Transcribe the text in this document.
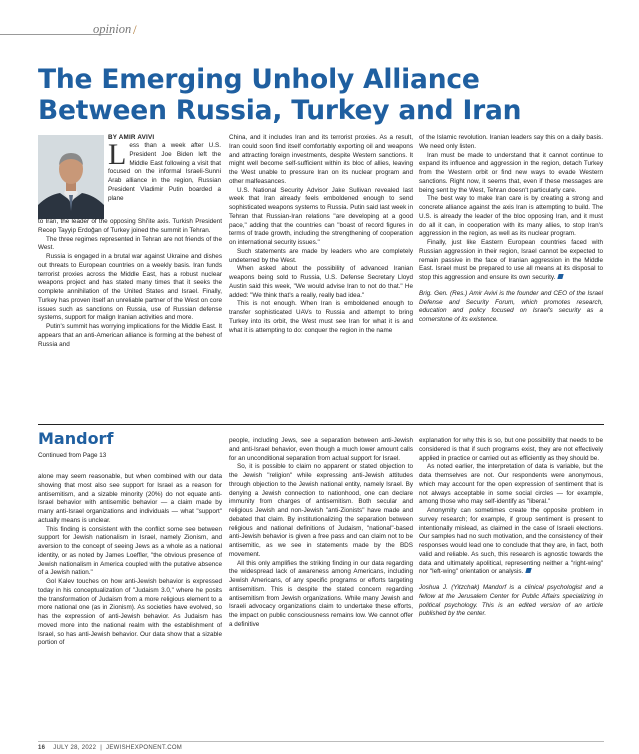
opinion /
The Emerging Unholy Alliance Between Russia, Turkey and Iran
BY AMIR AVIVI

Less than a week after U.S. President Joe Biden left the Middle East following a visit that focused on the informal Israeli-Sunni Arab alliance in the region, Russian President Vladimir Putin boarded a plane

to Iran, the leader of the opposing Shi'ite axis. Turkish President Recep Tayyip Erdoğan of Turkey joined the summit in Tehran.

The three regimes represented in Tehran are not friends of the West.

Russia is engaged in a brutal war against Ukraine and dishes out threats to European countries on a weekly basis. Iran funds terrorist proxies across the Middle East, has a robust nuclear weapons project and has stated many times that it seeks the complete annihilation of the United States and Israel. Finally, Turkey has proven itself an unreliable partner of the West on core issues such as sanctions on Russia, use of Russian defense systems, support for malign Iranian activities and more.

Putin's summit has worrying implications for the Middle East. It appears that an anti-American alliance is forming at the behest of Russia and

China, and it includes Iran and its terrorist proxies. As a result, Iran could soon find itself comfortably exporting oil and weapons and attracting foreign investments, despite Western sanctions. It might well become self-sufficient within its bloc of allies, leaving the West unable to pressure Iran on its nuclear program and other malfeasances.

U.S. National Security Advisor Jake Sullivan revealed last week that Iran already feels emboldened enough to send sophisticated weapons systems to Russia. Putin said last week in Tehran that Russian-Iran relations "are developing at a good pace," adding that the countries can "boast of record figures in terms of trade growth, including the strengthening of cooperation on international security issues."

Such statements are made by leaders who are completely undeterred by the West.

When asked about the possibility of advanced Iranian weapons being sold to Russia, U.S. Defense Secretary Lloyd Austin said this week, "We would advise Iran to not do that." He added: "We think that's a really, really bad idea."

This is not enough. When Iran is emboldened enough to transfer sophisticated UAVs to Russia and attempt to bring Turkey into its orbit, the West must see Iran for what it is and what it is attempting to do: conquer the region in the name

of the Islamic revolution. Iranian leaders say this on a daily basis. We need only listen.

Iran must be made to understand that it cannot continue to expand its influence and aggression in the region, detach Turkey from the Western orbit or find new ways to evade Western sanctions. Right now, it seems that, even if these messages are being sent by the West, Tehran doesn't particularly care.

The best way to make Iran care is by creating a strong and concrete alliance against the axis Iran is attempting to build. The U.S. is already the leader of the bloc opposing Iran, and it must do all it can, in cooperation with its many allies, to stop Iran's aggression in the region, as well as its nuclear program.

Finally, just like Eastern European countries faced with Russian aggression in their region, Israel cannot be expected to remain passive in the face of Iranian aggression in the Middle East. Israel must be prepared to use all means at its disposal to stop this aggression and ensure its own security.

Brig. Gen. (Res.) Amir Avivi is the founder and CEO of the Israel Defense and Security Forum, which promotes research, education and policy focused on Israel's security as a cornerstone of its existence.

Mandorf
Continued from Page 13

alone may seem reasonable, but when combined with our data showing that most also see support for Israel as a reason for antisemitism, and a sizable minority (20%) do not equate anti-Israel behavior with antisemitic behavior — a claim made by many anti-Israel organizations and individuals — what "support" actually means is unclear.

This finding is consistent with the conflict some see between support for Jewish nationalism in Israel, namely Zionism, and aversion to the concept of seeing Jews as a whole as a national identity, or as noted by James Loeffler, "the obvious presence of Jewish nationalism in America coupled with the putative absence of a Jewish nation."

Gol Kalev touches on how anti-Jewish behavior is expressed today in his conceptualization of "Judaism 3.0," where he posits the transformation of Judaism from a more religious element to a more national one (as in Zionism). As societies have evolved, so has the expression of anti-Jewish behavior. As Judaism has moved more into the national realm with the establishment of Israel, so has anti-Jewish behavior. Our data show that a sizable portion of

people, including Jews, see a separation between anti-Jewish and anti-Israel behavior, even though a much lower amount calls for an unconditional separation from actual support for Israel.

So, it is possible to claim no apparent or stated objection to the Jewish "religion" while expressing anti-Jewish attitudes through objection to the Jewish national entity, namely Israel. By denying a Jewish connection to nationhood, one can declare immunity from charges of antisemitism. Both secular and religious Jewish and non-Jewish "anti-Zionists" have made and debated that claim. By institutionalizing the separation between religious and national definitions of Judaism, "national"-based anti-Jewish behavior is given a free pass and can claim not to be antisemitic, as we see in statements made by the BDS movement.

All this only amplifies the striking finding in our data regarding the widespread lack of awareness among Americans, including Jewish Americans, of any specific programs or efforts targeting antisemitism. This is despite the stated concern regarding antisemitism from Jewish organizations. While many Jewish and Israeli advocacy organizations claim to undertake these efforts, the impact on public consciousness remains low. We cannot offer a definitive

explanation for why this is so, but one possibility that needs to be considered is that if such programs exist, they are not effectively applied in practice or carried out as efficiently as they should be.

As noted earlier, the interpretation of data is variable, but the data themselves are not. Our respondents were anonymous, which may account for the open expression of sentiment that is not always acceptable in some social circles — for example, among those who may self-identify as "liberal."

Anonymity can sometimes create the opposite problem in survey research; for example, if group sentiment is present to intentionally mislead, as claimed in the case of Israeli elections. Our samples had no such motivation, and the consistency of their responses would lead one to conclude that they are, in fact, both valid and reliable. As such, this research is agnostic towards the data and ultimately apolitical, representing neither a "right-wing" nor "left-wing" orientation or analysis.

Joshua J. (Yitzchak) Mandorf is a clinical psychologist and a fellow at the Jerusalem Center for Public Affairs specializing in political psychology. This is an edited version of an article published by the center.

16 JULY 28, 2022  |  JEWISHEXPONENT.COM
